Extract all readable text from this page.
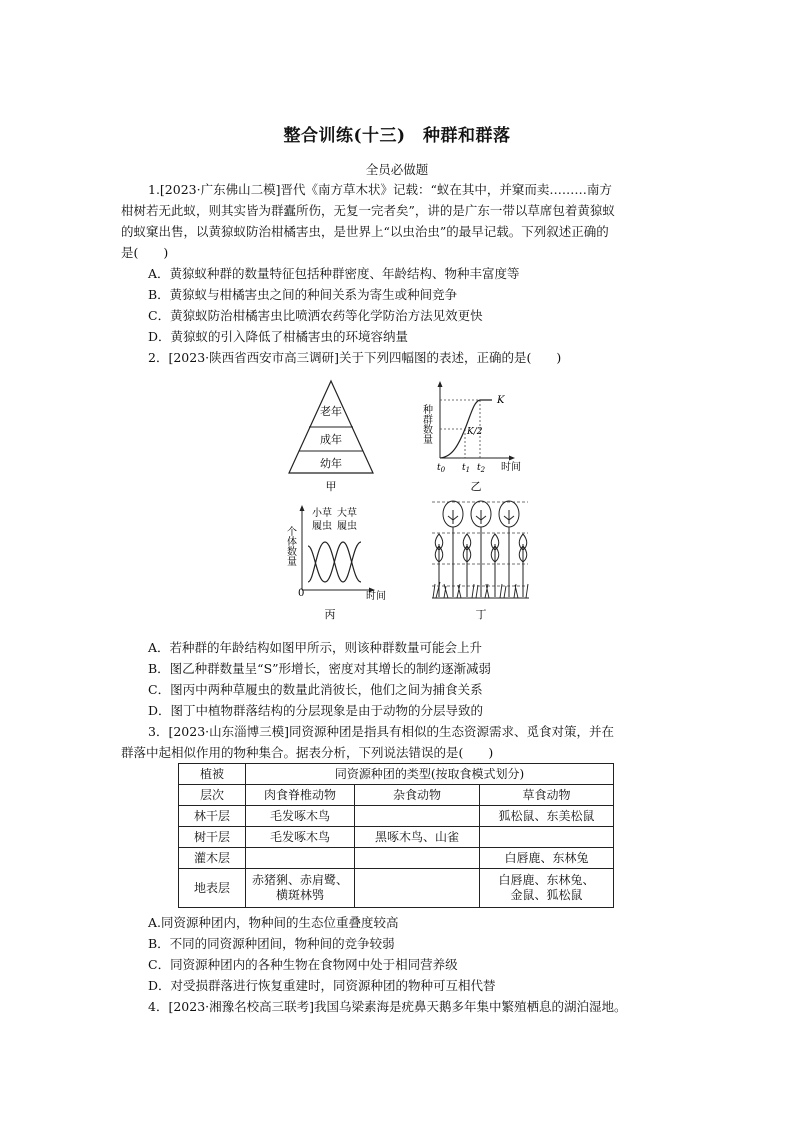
整合训练(十三)　种群和群落
全员必做题
1.[2023·广东佛山二模]晋代《南方草木状》记载：“蚁在其中，并窠而卖………南方
柑树若无此蚁，则其实皆为群蠹所伤，无复一完者矣”，讲的是广东一带以草席包着黄猄蚁
的蚁窠出售，以黄猄蚁防治柑橘害虫，是世界上“以虫治虫”的最早记载。下列叙述正确的
是(　　)
A．黄猄蚁种群的数量特征包括种群密度、年龄结构、物种丰富度等
B．黄猄蚁与柑橘害虫之间的种间关系为寄生或种间竞争
C．黄猄蚁防治柑橘害虫比喷洒农药等化学防治方法见效更快
D．黄猄蚁的引入降低了柑橘害虫的环境容纳量
2．[2023·陕西省西安市高三调研]关于下列四幅图的表述，正确的是(　　)
老年
成年
幼年
甲
种群数量
K
K/2
$t_0$ $t_1$ $t_2$ 时间
乙
个体数量
小草
履虫
大草
履虫
0	时间
丙	丁
A．若种群的年龄结构如图甲所示，则该种群数量可能会上升
B．图乙种群数量呈“S”形增长，密度对其增长的制约逐渐减弱
C．图丙中两种草履虫的数量此消彼长，他们之间为捕食关系
D．图丁中植物群落结构的分层现象是由于动物的分层导致的
3．[2023·山东淄博三模]同资源种团是指具有相似的生态资源需求、觅食对策，并在
群落中起相似作用的物种集合。据表分析，下列说法错误的是(　　)
植被	同资源种团的类型(按取食模式划分)		
层次	肉食脊椎动物	杂食动物	草食动物
林干层	毛发啄木鸟		狐松鼠、东美松鼠
树干层	毛发啄木鸟	黑啄木鸟、山雀	
灌木层			白唇鹿、东林兔
地表层	赤猪猁、赤肩鹭、
横斑林鸮		白唇鹿、东林兔、
金鼠、狐松鼠
A.同资源种团内，物种间的生态位重叠度较高
B．不同的同资源种团间，物种间的竞争较弱
C．同资源种团内的各种生物在食物网中处于相同营养级
D．对受损群落进行恢复重建时，同资源种团的物种可互相代替
4．[2023·湘豫名校高三联考]我国乌梁素海是疣鼻天鹅多年集中繁殖栖息的湖泊湿地。
